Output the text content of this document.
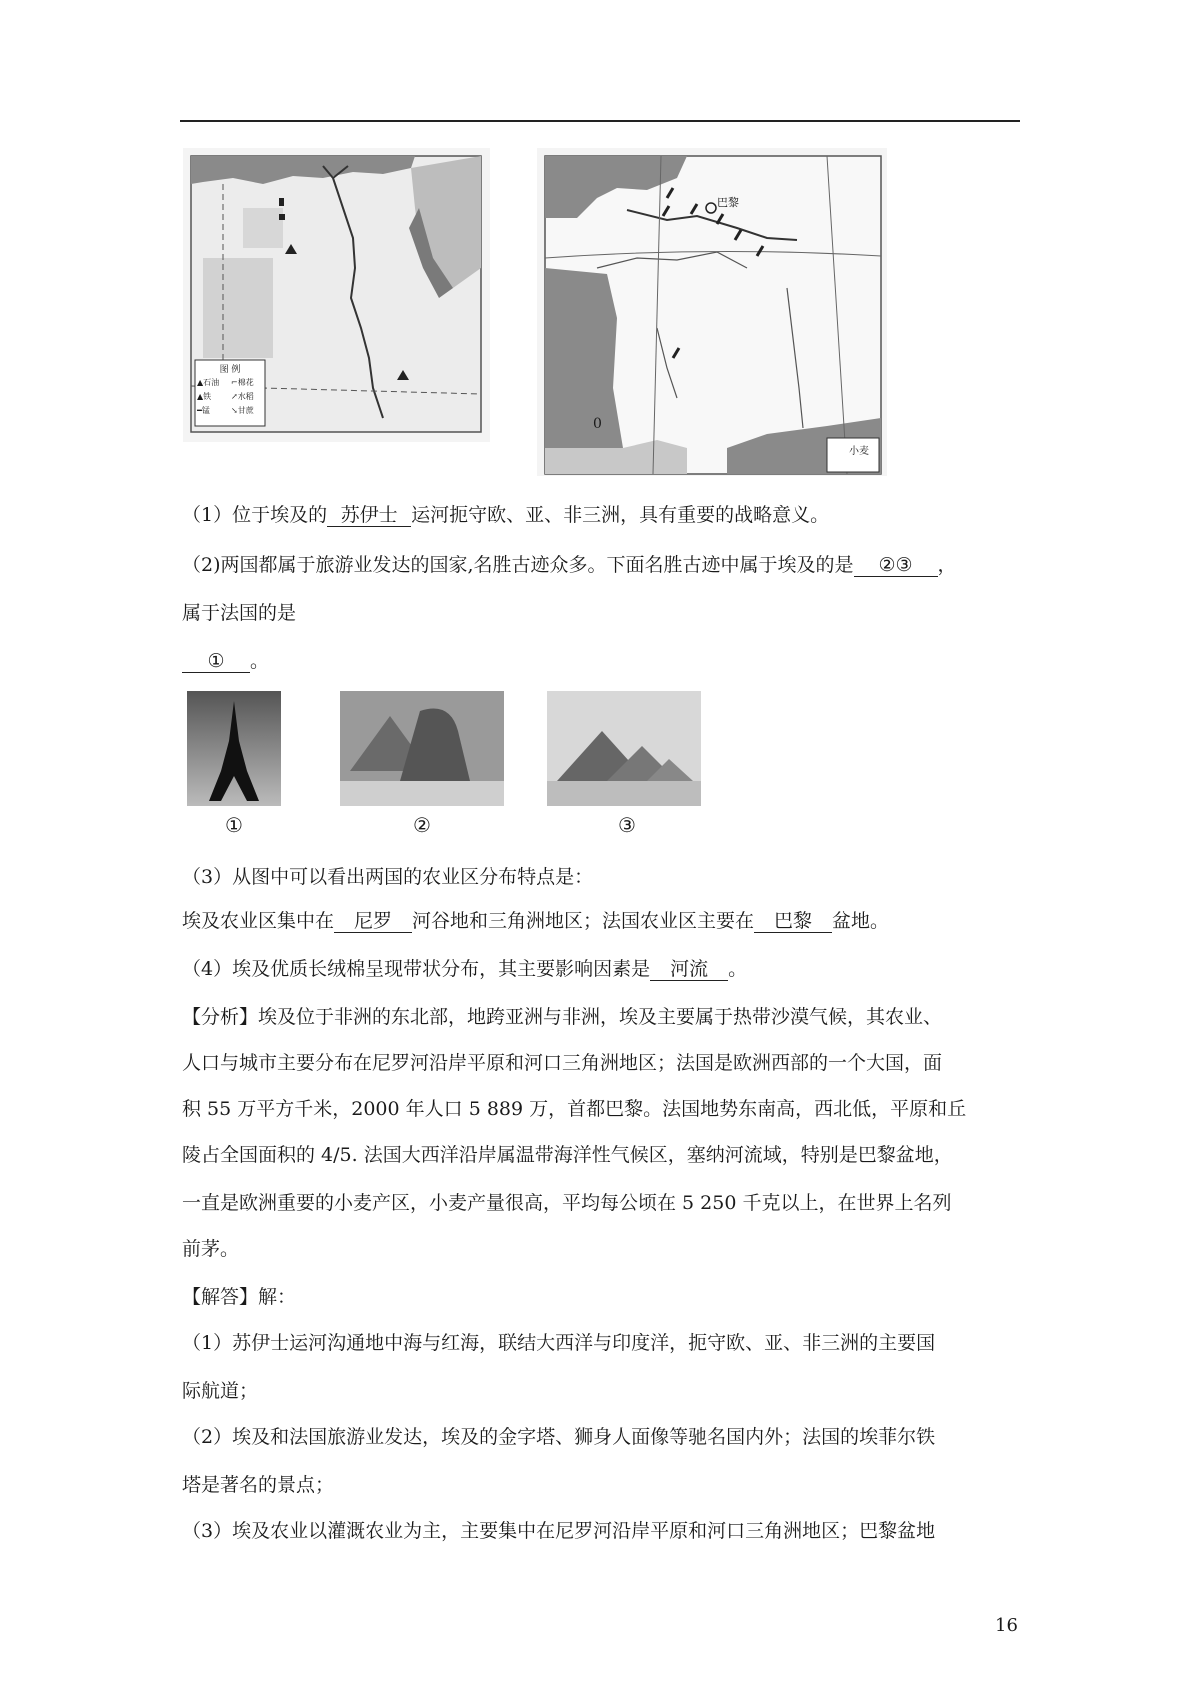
图 例
▲石油	⌐棉花
▲铁	↗水稻
━锰	↘甘蔗
巴黎
0
小麦
（1）位于埃及的 苏伊士 运河扼守欧、亚、非三洲，具有重要的战略意义。
（2)两国都属于旅游业发达的国家,名胜古迹众多。下面名胜古迹中属于埃及的是 ②③ ，
属于法国的是
① 。
①	②	③
（3）从图中可以看出两国的农业区分布特点是：
埃及农业区集中在 尼罗 河谷地和三角洲地区；法国农业区主要在 巴黎 盆地。
（4）埃及优质长绒棉呈现带状分布，其主要影响因素是 河流 。
【分析】埃及位于非洲的东北部，地跨亚洲与非洲，埃及主要属于热带沙漠气候，其农业、
人口与城市主要分布在尼罗河沿岸平原和河口三角洲地区；法国是欧洲西部的一个大国，面
积 55 万平方千米，2000 年人口 5 889 万，首都巴黎。法国地势东南高，西北低，平原和丘
陵占全国面积的 4/5. 法国大西洋沿岸属温带海洋性气候区，塞纳河流域，特别是巴黎盆地，
一直是欧洲重要的小麦产区，小麦产量很高，平均每公顷在 5 250 千克以上，在世界上名列
前茅。
【解答】解：
（1）苏伊士运河沟通地中海与红海，联结大西洋与印度洋，扼守欧、亚、非三洲的主要国
际航道；
（2）埃及和法国旅游业发达，埃及的金字塔、狮身人面像等驰名国内外；法国的埃菲尔铁
塔是著名的景点；
（3）埃及农业以灌溉农业为主，主要集中在尼罗河沿岸平原和河口三角洲地区；巴黎盆地
16
